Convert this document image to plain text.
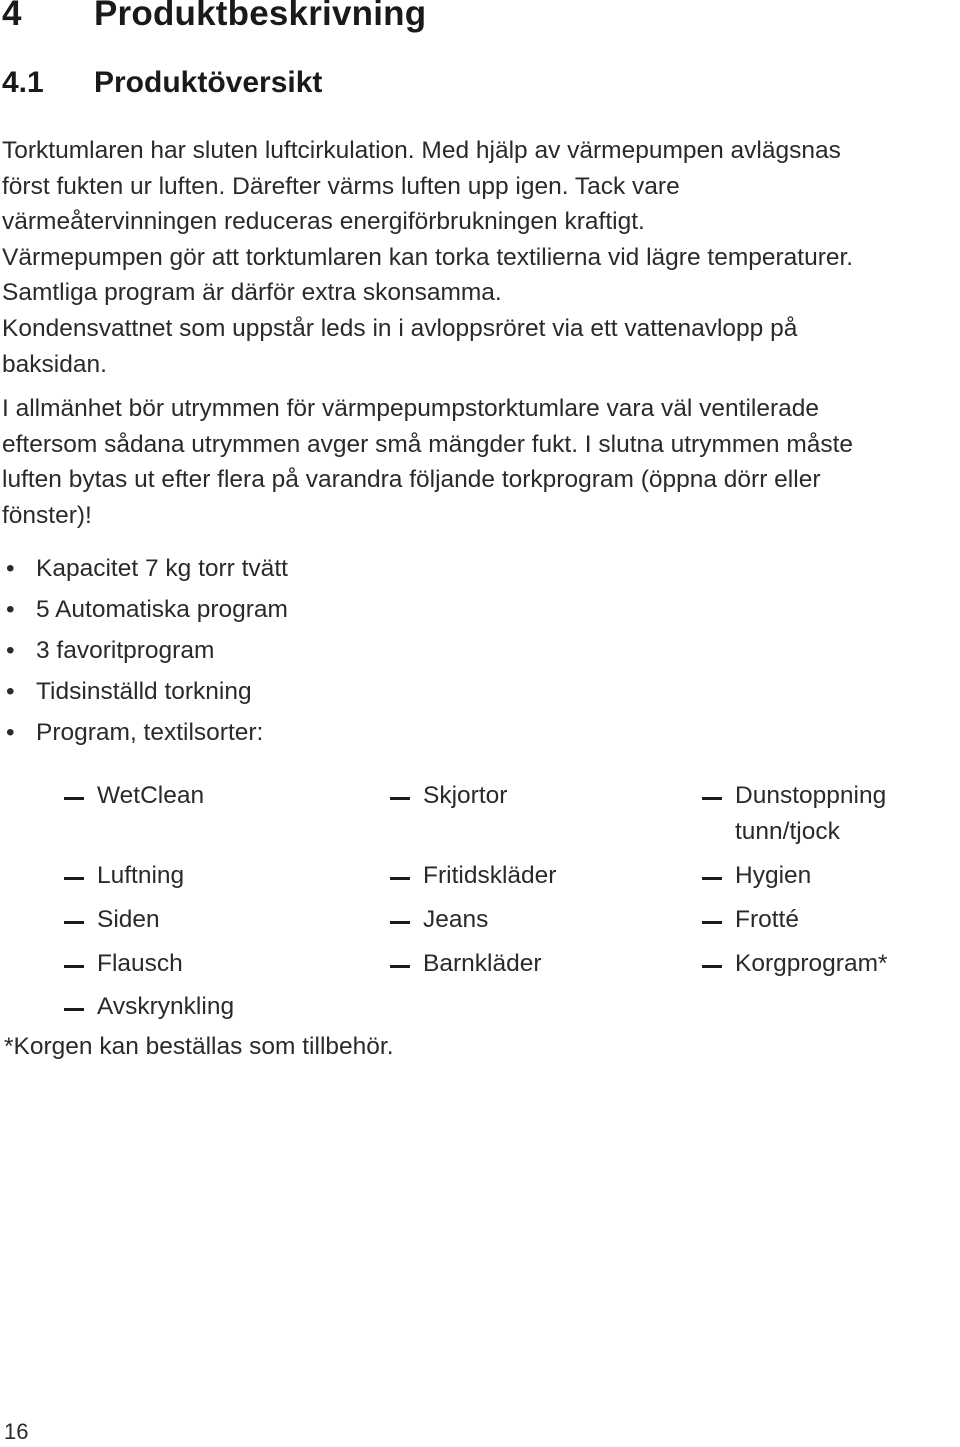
4 Produktbeskrivning
4.1 Produktöversikt
Torktumlaren har sluten luftcirkulation. Med hjälp av värmepumpen avlägsnas
först fukten ur luften. Därefter värms luften upp igen. Tack vare
värmeåtervinningen reduceras energiförbrukningen kraftigt.
Värmepumpen gör att torktumlaren kan torka textilierna vid lägre temperaturer.
Samtliga program är därför extra skonsamma.
Kondensvattnet som uppstår leds in i avloppsröret via ett vattenavlopp på
baksidan.
I allmänhet bör utrymmen för värmpepumpstorktumlare vara väl ventilerade
eftersom sådana utrymmen avger små mängder fukt. I slutna utrymmen måste
luften bytas ut efter flera på varandra följande torkprogram (öppna dörr eller
fönster)!
• Kapacitet 7 kg torr tvätt
• 5 Automatiska program
• 3 favoritprogram
• Tidsinställd torkning
• Program, textilsorter:
WetClean
Luftning
Siden
Flausch
Avskrynkling
Skjortor
Fritidskläder
Jeans
Barnkläder
Dunstoppning
tunn/tjock
Hygien
Frotté
Korgprogram*
*Korgen kan beställas som tillbehör.
16
